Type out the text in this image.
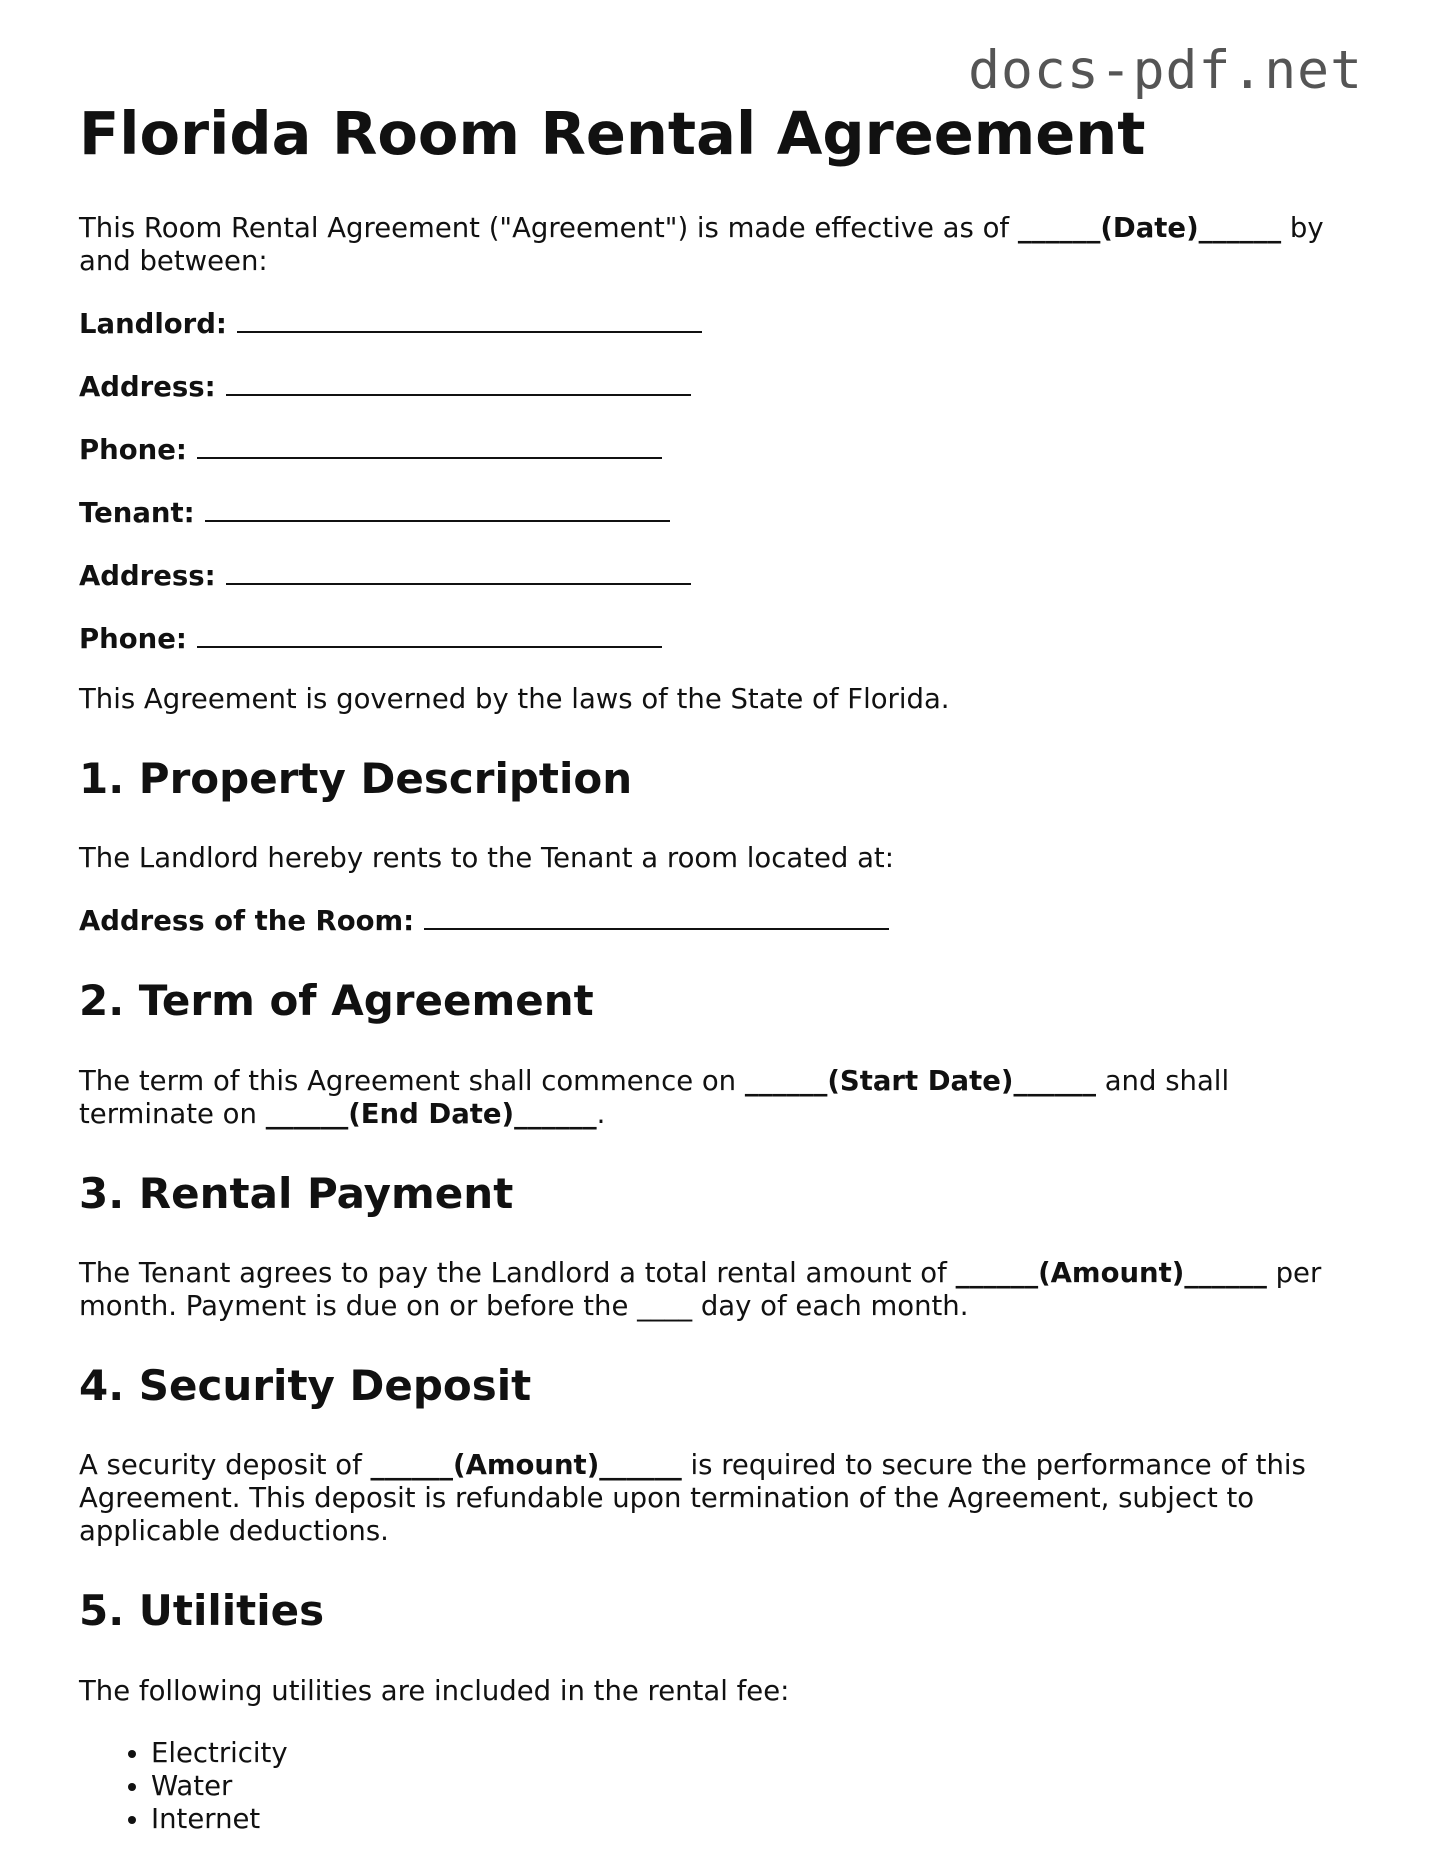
docs-pdf.net
Florida Room Rental Agreement

This Room Rental Agreement ("Agreement") is made effective as of ______(Date)______ by and between:

Landlord:
Address:
Phone:
Tenant:
Address:
Phone:

This Agreement is governed by the laws of the State of Florida.

1. Property Description

The Landlord hereby rents to the Tenant a room located at:

Address of the Room:
2. Term of Agreement

The term of this Agreement shall commence on ______(Start Date)______ and shall terminate on ______(End Date)______.

3. Rental Payment

The Tenant agrees to pay the Landlord a total rental amount of ______(Amount)______ per month. Payment is due on or before the ____ day of each month.

4. Security Deposit

A security deposit of ______(Amount)______ is required to secure the performance of this Agreement. This deposit is refundable upon termination of the Agreement, subject to applicable deductions.

5. Utilities

The following utilities are included in the rental fee:

• Electricity
• Water
• Internet
